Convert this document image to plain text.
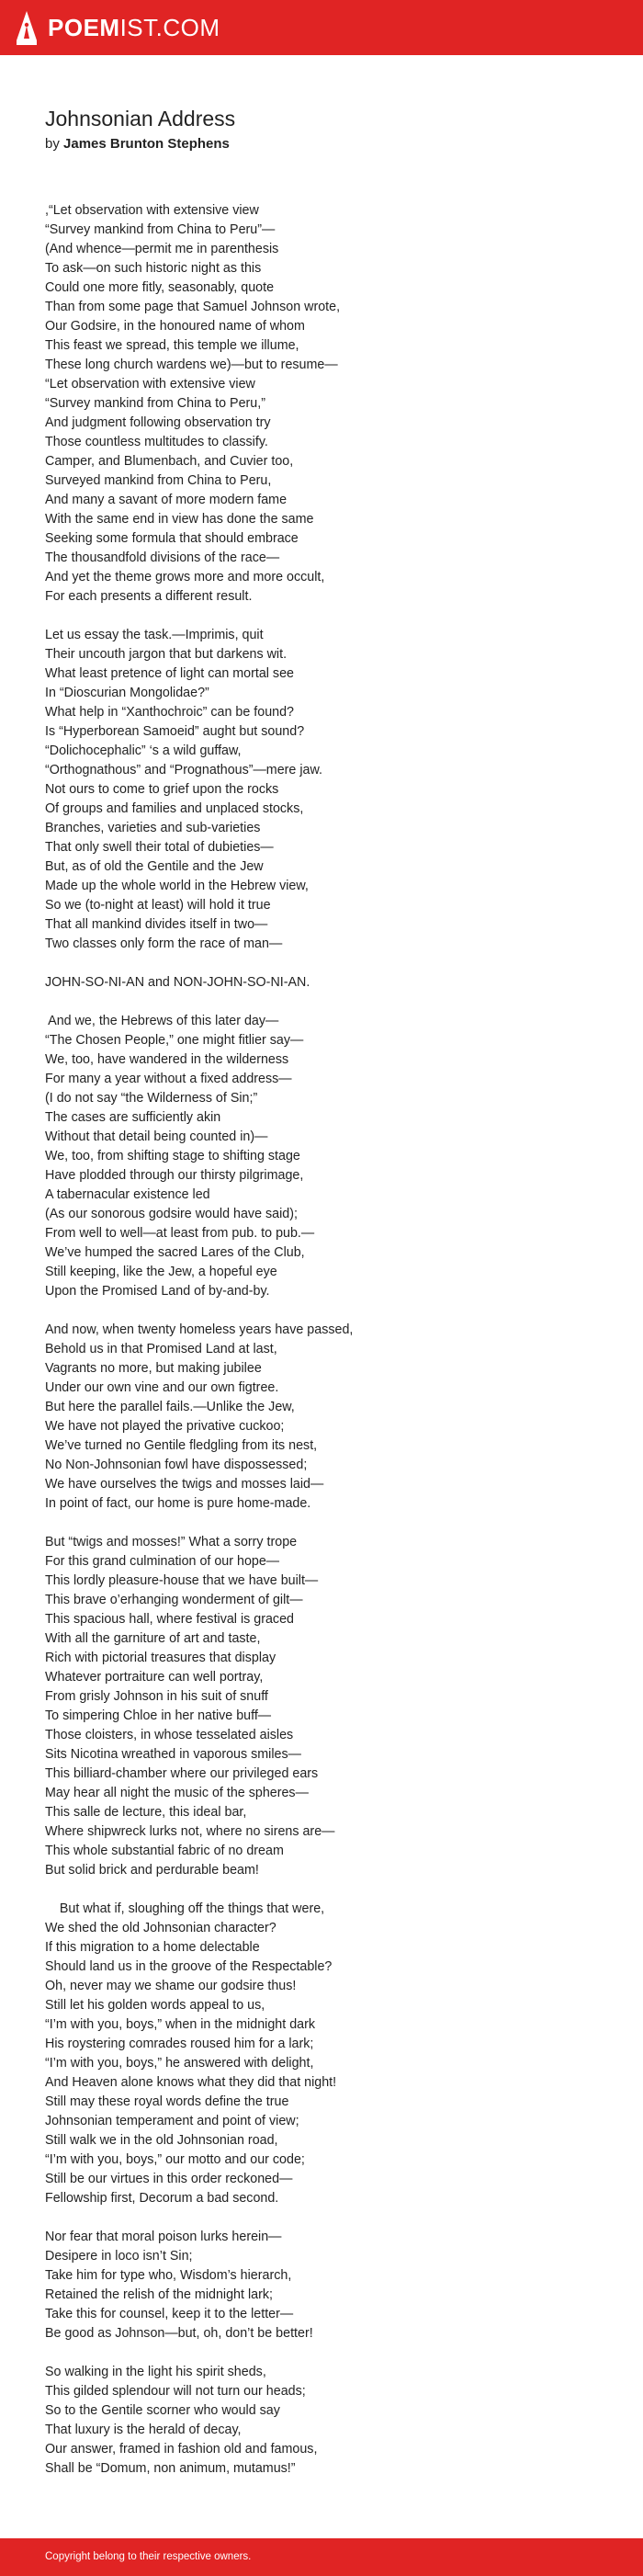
POEMIST.COM
Johnsonian Address
by James Brunton Stephens
,“Let observation with extensive view
“Survey mankind from China to Peru”—
(And whence—permit me in parenthesis
To ask—on such historic night as this
Could one more fitly, seasonably, quote
Than from some page that Samuel Johnson wrote,
Our Godsire, in the honoured name of whom
This feast we spread, this temple we illume,
These long church wardens we)—but to resume—
“Let observation with extensive view
“Survey mankind from China to Peru,”
And judgment following observation try
Those countless multitudes to classify.
Camper, and Blumenbach, and Cuvier too,
Surveyed mankind from China to Peru,
And many a savant of more modern fame
With the same end in view has done the same
Seeking some formula that should embrace
The thousandfold divisions of the race—
And yet the theme grows more and more occult,
For each presents a different result.
Let us essay the task.—Imprimis, quit
Their uncouth jargon that but darkens wit.
What least pretence of light can mortal see
In “Dioscurian Mongolidae?”
What help in “Xanthochroic” can be found?
Is “Hyperborean Samoeid” aught but sound?
“Dolichocephalic” ‘s a wild guffaw,
“Orthognathous” and “Prognathous”—mere jaw.
Not ours to come to grief upon the rocks
Of groups and families and unplaced stocks,
Branches, varieties and sub-varieties
That only swell their total of dubieties—
But, as of old the Gentile and the Jew
Made up the whole world in the Hebrew view,
So we (to-night at least) will hold it true
That all mankind divides itself in two—
Two classes only form the race of man—
JOHN-SO-NI-AN and NON-JOHN-SO-NI-AN.
And we, the Hebrews of this later day—
“The Chosen People,” one might fitlier say—
We, too, have wandered in the wilderness
For many a year without a fixed address—
(I do not say “the Wilderness of Sin;”
The cases are sufficiently akin
Without that detail being counted in)—
We, too, from shifting stage to shifting stage
Have plodded through our thirsty pilgrimage,
A tabernacular existence led
(As our sonorous godsire would have said);
From well to well—at least from pub. to pub.—
We’ve humped the sacred Lares of the Club,
Still keeping, like the Jew, a hopeful eye
Upon the Promised Land of by-and-by.
And now, when twenty homeless years have passed,
Behold us in that Promised Land at last,
Vagrants no more, but making jubilee
Under our own vine and our own figtree.
But here the parallel fails.—Unlike the Jew,
We have not played the privative cuckoo;
We’ve turned no Gentile fledgling from its nest,
No Non-Johnsonian fowl have dispossessed;
We have ourselves the twigs and mosses laid—
In point of fact, our home is pure home-made.
But “twigs and mosses!” What a sorry trope
For this grand culmination of our hope—
This lordly pleasure-house that we have built—
This brave o’erhanging wonderment of gilt—
This spacious hall, where festival is graced
With all the garniture of art and taste,
Rich with pictorial treasures that display
Whatever portraiture can well portray,
From grisly Johnson in his suit of snuff
To simpering Chloe in her native buff—
Those cloisters, in whose tesselated aisles
Sits Nicotina wreathed in vaporous smiles—
This billiard-chamber where our privileged ears
May hear all night the music of the spheres—
This salle de lecture, this ideal bar,
Where shipwreck lurks not, where no sirens are—
This whole substantial fabric of no dream
But solid brick and perdurable beam!
But what if, sloughing off the things that were,
We shed the old Johnsonian character?
If this migration to a home delectable
Should land us in the groove of the Respectable?
Oh, never may we shame our godsire thus!
Still let his golden words appeal to us,
“I’m with you, boys,” when in the midnight dark
His roystering comrades roused him for a lark;
“I’m with you, boys,” he answered with delight,
And Heaven alone knows what they did that night!
Still may these royal words define the true
Johnsonian temperament and point of view;
Still walk we in the old Johnsonian road,
“I’m with you, boys,” our motto and our code;
Still be our virtues in this order reckoned—
Fellowship first, Decorum a bad second.
Nor fear that moral poison lurks herein—
Desipere in loco isn’t Sin;
Take him for type who, Wisdom’s hierarch,
Retained the relish of the midnight lark;
Take this for counsel, keep it to the letter—
Be good as Johnson—but, oh, don’t be better!
So walking in the light his spirit sheds,
This gilded splendour will not turn our heads;
So to the Gentile scorner who would say
That luxury is the herald of decay,
Our answer, framed in fashion old and famous,
Shall be “Domum, non animum, mutamus!”
Copyright belong to their respective owners.
